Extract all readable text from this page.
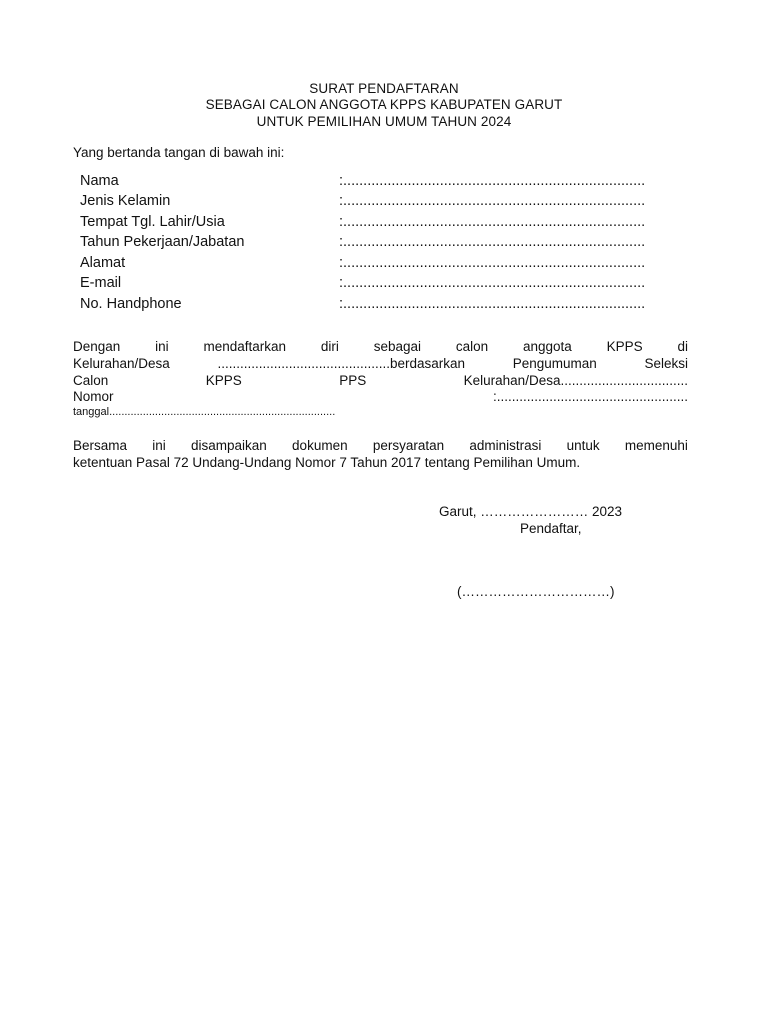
SURAT PENDAFTARAN
SEBAGAI CALON ANGGOTA KPPS KABUPATEN GARUT
UNTUK PEMILIHAN UMUM TAHUN 2024
Yang bertanda tangan di bawah ini:
Nama	:...........................................................................
Jenis Kelamin	:...........................................................................
Tempat Tgl. Lahir/Usia	:...........................................................................
Tahun Pekerjaan/Jabatan	:...........................................................................
Alamat	:...........................................................................
E-mail	:...........................................................................
No. Handphone	:...........................................................................
Dengan	ini	mendaftarkan	diri	sebagai	calon	anggota	KPPS	di
Kelurahan/Desa	..............................................berdasarkan	Pengumuman	Seleksi
Calon	KPPS	PPS	Kelurahan/Desa..................................
Nomor	:...................................................
tanggal..........................................................................
Bersama ini disampaikan dokumen persyaratan administrasi untuk memenuhi
ketentuan Pasal 72 Undang-Undang Nomor 7 Tahun 2017 tentang Pemilihan Umum.
Garut, …………………… 2023
Pendaftar,
(……………………………)
